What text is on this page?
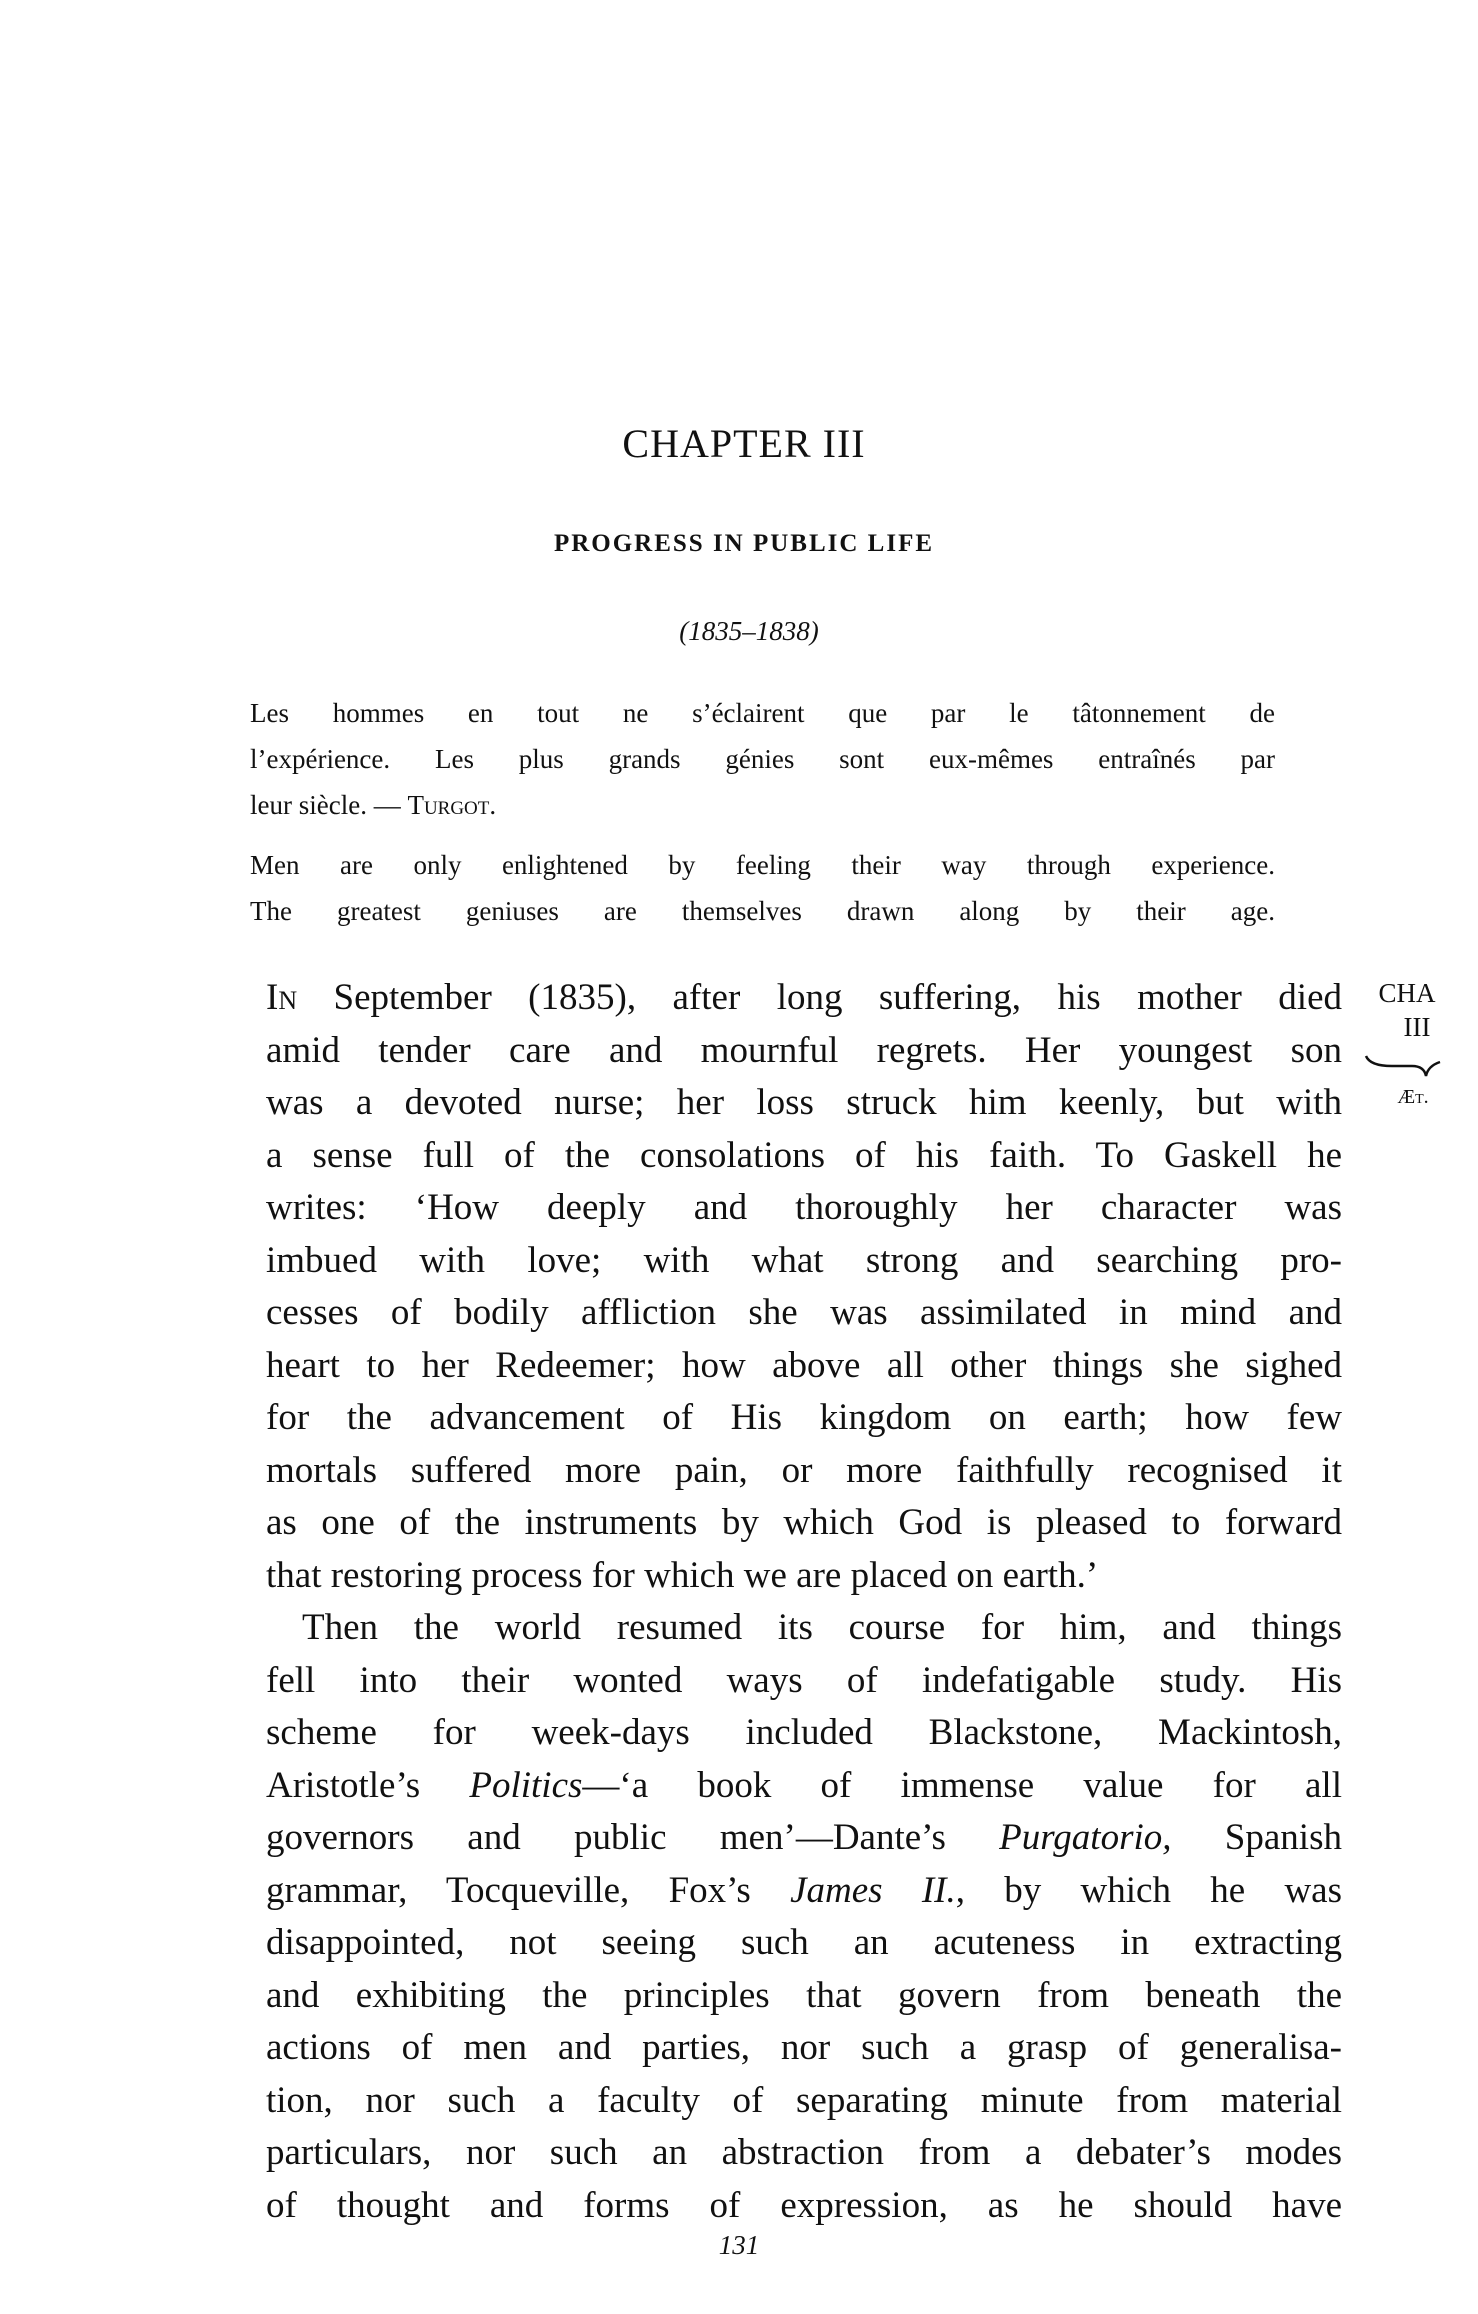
CHAPTER III
PROGRESS IN PUBLIC LIFE
(1835–1838)
Les hommes en tout ne s’éclairent que par le tâtonnement de
l’expérience. Les plus grands génies sont eux-mêmes entraînés par
leur siècle. — Turgot.
Men are only enlightened by feeling their way through experience.
The greatest geniuses are themselves drawn along by their age.
In September (1835), after long suffering, his mother died
amid tender care and mournful regrets. Her youngest son
was a devoted nurse; her loss struck him keenly, but with
a sense full of the consolations of his faith. To Gaskell he
writes: ‘How deeply and thoroughly her character was
imbued with love; with what strong and searching pro-
cesses of bodily affliction she was assimilated in mind and
heart to her Redeemer; how above all other things she sighed
for the advancement of His kingdom on earth; how few
mortals suffered more pain, or more faithfully recognised it
as one of the instruments by which God is pleased to forward
that restoring process for which we are placed on earth.’
Then the world resumed its course for him, and things
fell into their wonted ways of indefatigable study. His
scheme for week-days included Blackstone, Mackintosh,
Aristotle’s Politics—‘a book of immense value for all
governors and public men’—Dante’s Purgatorio, Spanish
grammar, Tocqueville, Fox’s James II., by which he was
disappointed, not seeing such an acuteness in extracting
and exhibiting the principles that govern from beneath the
actions of men and parties, nor such a grasp of generalisa-
tion, nor such a faculty of separating minute from material
particulars, nor such an abstraction from a debater’s modes
of thought and forms of expression, as he should have
CHA
III
Æt.
131
